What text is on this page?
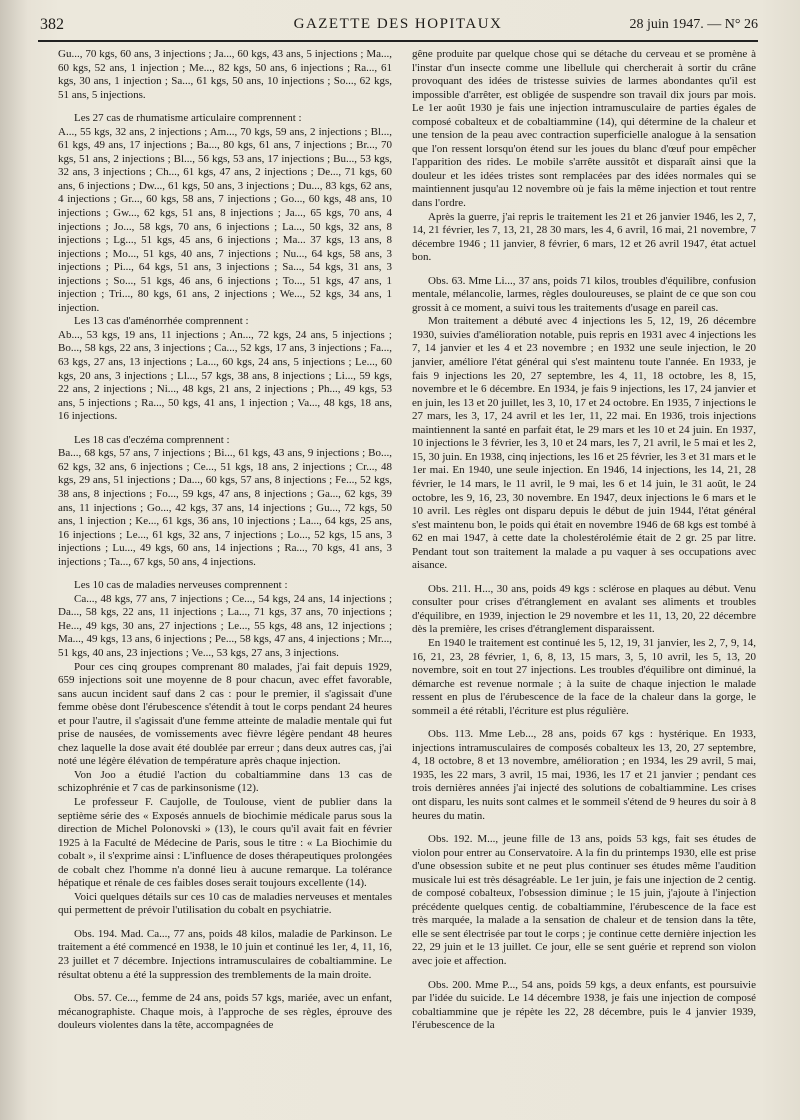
382	GAZETTE DES HOPITAUX	28 juin 1947. — N° 26

Gu..., 70 kgs, 60 ans, 3 injections ; Ja..., 60 kgs, 43 ans, 5 injections ; Ma..., 60 kgs, 52 ans, 1 injection ; Me..., 82 kgs, 50 ans, 6 injections ; Ra..., 61 kgs, 30 ans, 1 injection ; Sa..., 61 kgs, 50 ans, 10 injections ; So..., 62 kgs, 51 ans, 5 injections.

Les 27 cas de rhumatisme articulaire comprennent :

A..., 55 kgs, 32 ans, 2 injections ; Am..., 70 kgs, 59 ans, 2 injections ; Bl..., 61 kgs, 49 ans, 17 injections ; Ba..., 80 kgs, 61 ans, 7 injections ; Br..., 70 kgs, 51 ans, 2 injections ; Bl..., 56 kgs, 53 ans, 17 injections ; Bu..., 53 kgs, 32 ans, 3 injections ; Ch..., 61 kgs, 47 ans, 2 injections ; De..., 71 kgs, 60 ans, 6 injections ; Dw..., 61 kgs, 50 ans, 3 injections ; Du..., 83 kgs, 62 ans, 4 injections ; Gr..., 60 kgs, 58 ans, 7 injections ; Go..., 60 kgs, 48 ans, 10 injections ; Gw..., 62 kgs, 51 ans, 8 injections ; Ja..., 65 kgs, 70 ans, 4 injections ; Jo..., 58 kgs, 70 ans, 6 injections ; La..., 50 kgs, 32 ans, 8 injections ; Lg..., 51 kgs, 45 ans, 6 injections ; Ma... 37 kgs, 13 ans, 8 injections ; Mo..., 51 kgs, 40 ans, 7 injections ; Nu..., 64 kgs, 58 ans, 3 injections ; Pi..., 64 kgs, 51 ans, 3 injections ; Sa..., 54 kgs, 31 ans, 3 injections ; So..., 51 kgs, 46 ans, 6 injections ; To..., 51 kgs, 47 ans, 1 injection ; Tri..., 80 kgs, 61 ans, 2 injections ; We..., 52 kgs, 34 ans, 1 injection.

Les 13 cas d'aménorrhée comprennent :

Ab..., 53 kgs, 19 ans, 11 injections ; An..., 72 kgs, 24 ans, 5 injections ; Bo..., 58 kgs, 22 ans, 3 injections ; Ca..., 52 kgs, 17 ans, 3 injections ; Fa..., 63 kgs, 27 ans, 13 injections ; La..., 60 kgs, 24 ans, 5 injections ; Le..., 60 kgs, 20 ans, 3 injections ; Ll..., 57 kgs, 38 ans, 8 injections ; Li..., 59 kgs, 22 ans, 2 injections ; Ni..., 48 kgs, 21 ans, 2 injections ; Ph..., 49 kgs, 53 ans, 5 injections ; Ra..., 50 kgs, 41 ans, 1 injection ; Va..., 48 kgs, 18 ans, 16 injections.

Les 18 cas d'eczéma comprennent :

Ba..., 68 kgs, 57 ans, 7 injections ; Bi..., 61 kgs, 43 ans, 9 injections ; Bo..., 62 kgs, 32 ans, 6 injections ; Ce..., 51 kgs, 18 ans, 2 injections ; Cr..., 48 kgs, 29 ans, 51 injections ; Da..., 60 kgs, 57 ans, 8 injections ; Fe..., 52 kgs, 38 ans, 8 injections ; Fo..., 59 kgs, 47 ans, 8 injections ; Ga..., 62 kgs, 39 ans, 11 injections ; Go..., 42 kgs, 37 ans, 14 injections ; Gu..., 72 kgs, 50 ans, 1 injection ; Ke..., 61 kgs, 36 ans, 10 injections ; La..., 64 kgs, 25 ans, 16 injections ; Le..., 61 kgs, 32 ans, 7 injections ; Lo..., 52 kgs, 15 ans, 3 injections ; Lu..., 49 kgs, 60 ans, 14 injections ; Ra..., 70 kgs, 41 ans, 3 injections ; Ta..., 67 kgs, 50 ans, 4 injections.

Les 10 cas de maladies nerveuses comprennent :

Ca..., 48 kgs, 77 ans, 7 injections ; Ce..., 54 kgs, 24 ans, 14 injections ; Da..., 58 kgs, 22 ans, 11 injections ; La..., 71 kgs, 37 ans, 70 injections ; He..., 49 kgs, 30 ans, 27 injections ; Le..., 55 kgs, 48 ans, 12 injections ; Ma..., 49 kgs, 13 ans, 6 injections ; Pe..., 58 kgs, 47 ans, 4 injections ; Mr..., 51 kgs, 40 ans, 23 injections ; Ve..., 53 kgs, 27 ans, 3 injections.

Pour ces cinq groupes comprenant 80 malades, j'ai fait depuis 1929, 659 injections soit une moyenne de 8 pour chacun, avec effet favorable, sans aucun incident sauf dans 2 cas : pour le premier, il s'agissait d'une femme obèse dont l'érubescence s'étendit à tout le corps pendant 24 heures et pour l'autre, il s'agissait d'une femme atteinte de maladie mentale qui fut prise de nausées, de vomissements avec fièvre légère pendant 48 heures chez laquelle la dose avait été doublée par erreur ; dans deux autres cas, j'ai noté une légère élévation de température après chaque injection.

Von Joo a étudié l'action du cobaltiammine dans 13 cas de schizophrénie et 7 cas de parkinsonisme (12).

Le professeur F. Caujolle, de Toulouse, vient de publier dans la septième série des « Exposés annuels de biochimie médicale parus sous la direction de Michel Polonovski » (13), le cours qu'il avait fait en février 1925 à la Faculté de Médecine de Paris, sous le titre : « La Biochimie du cobalt », il s'exprime ainsi : L'influence de doses thérapeutiques prolongées de cobalt chez l'homme n'a donné lieu à aucune remarque. La tolérance hépatique et rénale de ces faibles doses serait toujours excellente (14).

Voici quelques détails sur ces 10 cas de maladies nerveuses et mentales qui permettent de prévoir l'utilisation du cobalt en psychiatrie.

Obs. 194. Mad. Ca..., 77 ans, poids 48 kilos, maladie de Parkinson. Le traitement a été commencé en 1938, le 10 juin et continué les 1er, 4, 11, 16, 23 juillet et 7 décembre. Injections intramusculaires de cobaltiammine. Le résultat obtenu a été la suppression des tremblements de la main droite.

Obs. 57. Ce..., femme de 24 ans, poids 57 kgs, mariée, avec un enfant, mécanographiste. Chaque mois, à l'approche de ses règles, éprouve des douleurs violentes dans la tête, accompagnées de

gêne produite par quelque chose qui se détache du cerveau et se promène à l'instar d'un insecte comme une libellule qui chercherait à sortir du crâne provoquant des idées de tristesse suivies de larmes abondantes qu'il est impossible d'arrêter, est obligée de suspendre son travail dix jours par mois. Le 1er août 1930 je fais une injection intramusculaire de parties égales de composé cobalteux et de cobaltiammine (14), qui détermine de la chaleur et une tension de la peau avec contraction superficielle analogue à la sensation que l'on ressent lorsqu'on étend sur les joues du blanc d'œuf pour empêcher l'apparition des rides. Le mobile s'arrête aussitôt et disparaît ainsi que la douleur et les idées tristes sont remplacées par des idées normales qui se maintiennent jusqu'au 12 novembre où je fais la même injection et tout rentre dans l'ordre.

Après la guerre, j'ai repris le traitement les 21 et 26 janvier 1946, les 2, 7, 14, 21 février, les 7, 13, 21, 28 30 mars, les 4, 6 avril, 16 mai, 21 novembre, 7 décembre 1946 ; 11 janvier, 8 février, 6 mars, 12 et 26 avril 1947, état actuel bon.

Obs. 63. Mme Li..., 37 ans, poids 71 kilos, troubles d'équilibre, confusion mentale, mélancolie, larmes, règles douloureuses, se plaint de ce que son cou grossit à ce moment, a suivi tous les traitements d'usage en pareil cas.

Mon traitement a débuté avec 4 injections les 5, 12, 19, 26 décembre 1930, suivies d'amélioration notable, puis repris en 1931 avec 4 injections les 7, 14 janvier et les 4 et 23 novembre ; en 1932 une seule injection, le 20 janvier, améliore l'état général qui s'est maintenu toute l'année. En 1933, je fais 9 injections les 20, 27 septembre, les 4, 11, 18 octobre, les 8, 15, novembre et le 6 décembre. En 1934, je fais 9 injections, les 17, 24 janvier et en juin, les 13 et 20 juillet, les 3, 10, 17 et 24 octobre. En 1935, 7 injections le 27 mars, les 3, 17, 24 avril et les 1er, 11, 22 mai. En 1936, trois injections maintiennent la santé en parfait état, le 29 mars et les 10 et 24 juin. En 1937, 10 injections le 3 février, les 3, 10 et 24 mars, les 7, 21 avril, le 5 mai et les 2, 15, 30 juin. En 1938, cinq injections, les 16 et 25 février, les 3 et 31 mars et le 1er mai. En 1940, une seule injection. En 1946, 14 injections, les 14, 21, 28 février, le 14 mars, le 11 avril, le 9 mai, les 6 et 14 juin, le 31 août, le 24 octobre, les 9, 16, 23, 30 novembre. En 1947, deux injections le 6 mars et le 10 avril. Les règles ont disparu depuis le début de juin 1944, l'état général s'est maintenu bon, le poids qui était en novembre 1946 de 68 kgs est tombé à 62 en mai 1947, à cette date la cholestérolémie était de 2 gr. 25 par litre. Pendant tout son traitement la malade a pu vaquer à ses occupations avec aisance.

Obs. 211. H..., 30 ans, poids 49 kgs : sclérose en plaques au début. Venu consulter pour crises d'étranglement en avalant ses aliments et troubles d'équilibre, en 1939, injection le 29 novembre et les 11, 13, 20, 22 décembre dès la première, les crises d'étranglement disparaissent.

En 1940 le traitement est continué les 5, 12, 19, 31 janvier, les 2, 7, 9, 14, 16, 21, 23, 28 février, 1, 6, 8, 13, 15 mars, 3, 5, 10 avril, les 5, 13, 20 novembre, soit en tout 27 injections. Les troubles d'équilibre ont diminué, la démarche est revenue normale ; à la suite de chaque injection le malade ressent en plus de l'érubescence de la face de la chaleur dans la gorge, le sommeil a été rétabli, l'écriture est plus régulière.

Obs. 113. Mme Leb..., 28 ans, poids 67 kgs : hystérique. En 1933, injections intramusculaires de composés cobalteux les 13, 20, 27 septembre, 4, 18 octobre, 8 et 13 novembre, amélioration ; en 1934, les 29 avril, 5 mai, 1935, les 22 mars, 3 avril, 15 mai, 1936, les 17 et 21 janvier ; pendant ces trois dernières années j'ai injecté des solutions de cobaltiammine. Les crises ont disparu, les nuits sont calmes et le sommeil s'étend de 9 heures du soir à 8 heures du matin.

Obs. 192. M..., jeune fille de 13 ans, poids 53 kgs, fait ses études de violon pour entrer au Conservatoire. A la fin du printemps 1930, elle est prise d'une obsession subite et ne peut plus continuer ses études même l'audition musicale lui est très désagréable. Le 1er juin, je fais une injection de 2 centig. de composé cobalteux, l'obsession diminue ; le 15 juin, j'ajoute à l'injection précédente quelques centig. de cobaltiammine, l'érubescence de la face est très marquée, la malade a la sensation de chaleur et de tension dans la tête, elle se sent électrisée par tout le corps ; je continue cette dernière injection les 22, 29 juin et le 13 juillet. Ce jour, elle se sent guérie et reprend son violon avec joie et affection.

Obs. 200. Mme P..., 54 ans, poids 59 kgs, a deux enfants, est poursuivie par l'idée du suicide. Le 14 décembre 1938, je fais une injection de composé cobaltiammine que je répète les 22, 28 décembre, puis le 4 janvier 1939, l'érubescence de la
